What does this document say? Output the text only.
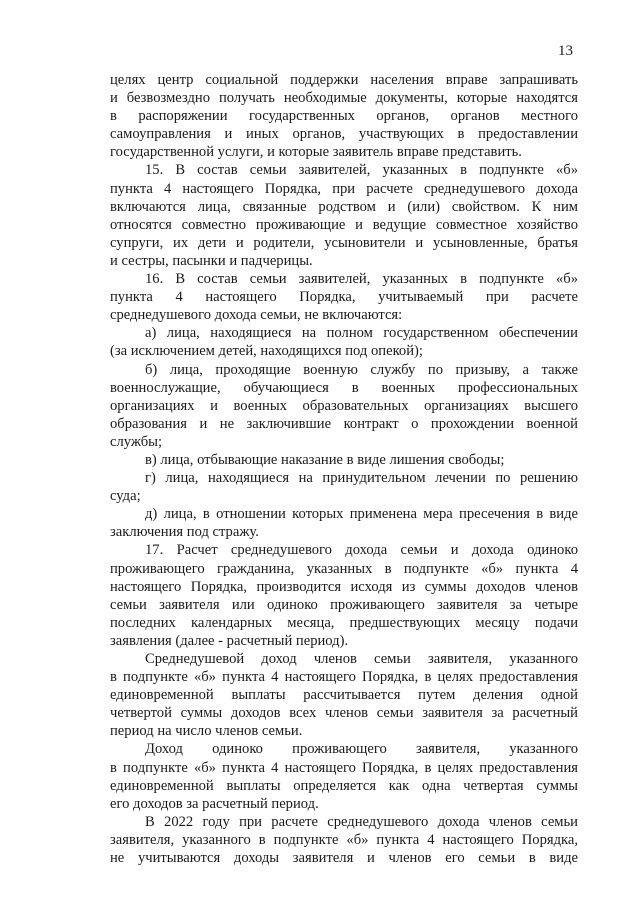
13
целях центр социальной поддержки населения вправе запрашивать
и безвозмездно получать необходимые документы, которые находятся
в распоряжении государственных органов, органов местного
самоуправления и иных органов, участвующих в предоставлении
государственной услуги, и которые заявитель вправе представить.
15. В состав семьи заявителей, указанных в подпункте «б»
пункта 4 настоящего Порядка, при расчете среднедушевого дохода
включаются лица, связанные родством и (или) свойством. К ним
относятся совместно проживающие и ведущие совместное хозяйство
супруги, их дети и родители, усыновители и усыновленные, братья
и сестры, пасынки и падчерицы.
16. В состав семьи заявителей, указанных в подпункте «б»
пункта 4 настоящего Порядка, учитываемый при расчете
среднедушевого дохода семьи, не включаются:
а) лица, находящиеся на полном государственном обеспечении
(за исключением детей, находящихся под опекой);
б) лица, проходящие военную службу по призыву, а также
военнослужащие, обучающиеся в военных профессиональных
организациях и военных образовательных организациях высшего
образования и не заключившие контракт о прохождении военной
службы;
в) лица, отбывающие наказание в виде лишения свободы;
г) лица, находящиеся на принудительном лечении по решению
суда;
д) лица, в отношении которых применена мера пресечения в виде
заключения под стражу.
17. Расчет среднедушевого дохода семьи и дохода одиноко
проживающего гражданина, указанных в подпункте «б» пункта 4
настоящего Порядка, производится исходя из суммы доходов членов
семьи заявителя или одиноко проживающего заявителя за четыре
последних календарных месяца, предшествующих месяцу подачи
заявления (далее - расчетный период).
Среднедушевой доход членов семьи заявителя, указанного
в подпункте «б» пункта 4 настоящего Порядка, в целях предоставления
единовременной выплаты рассчитывается путем деления одной
четвертой суммы доходов всех членов семьи заявителя за расчетный
период на число членов семьи.
Доход одиноко проживающего заявителя, указанного
в подпункте «б» пункта 4 настоящего Порядка, в целях предоставления
единовременной выплаты определяется как одна четвертая суммы
его доходов за расчетный период.
В 2022 году при расчете среднедушевого дохода членов семьи
заявителя, указанного в подпункте «б» пункта 4 настоящего Порядка,
не учитываются доходы заявителя и членов его семьи в виде
